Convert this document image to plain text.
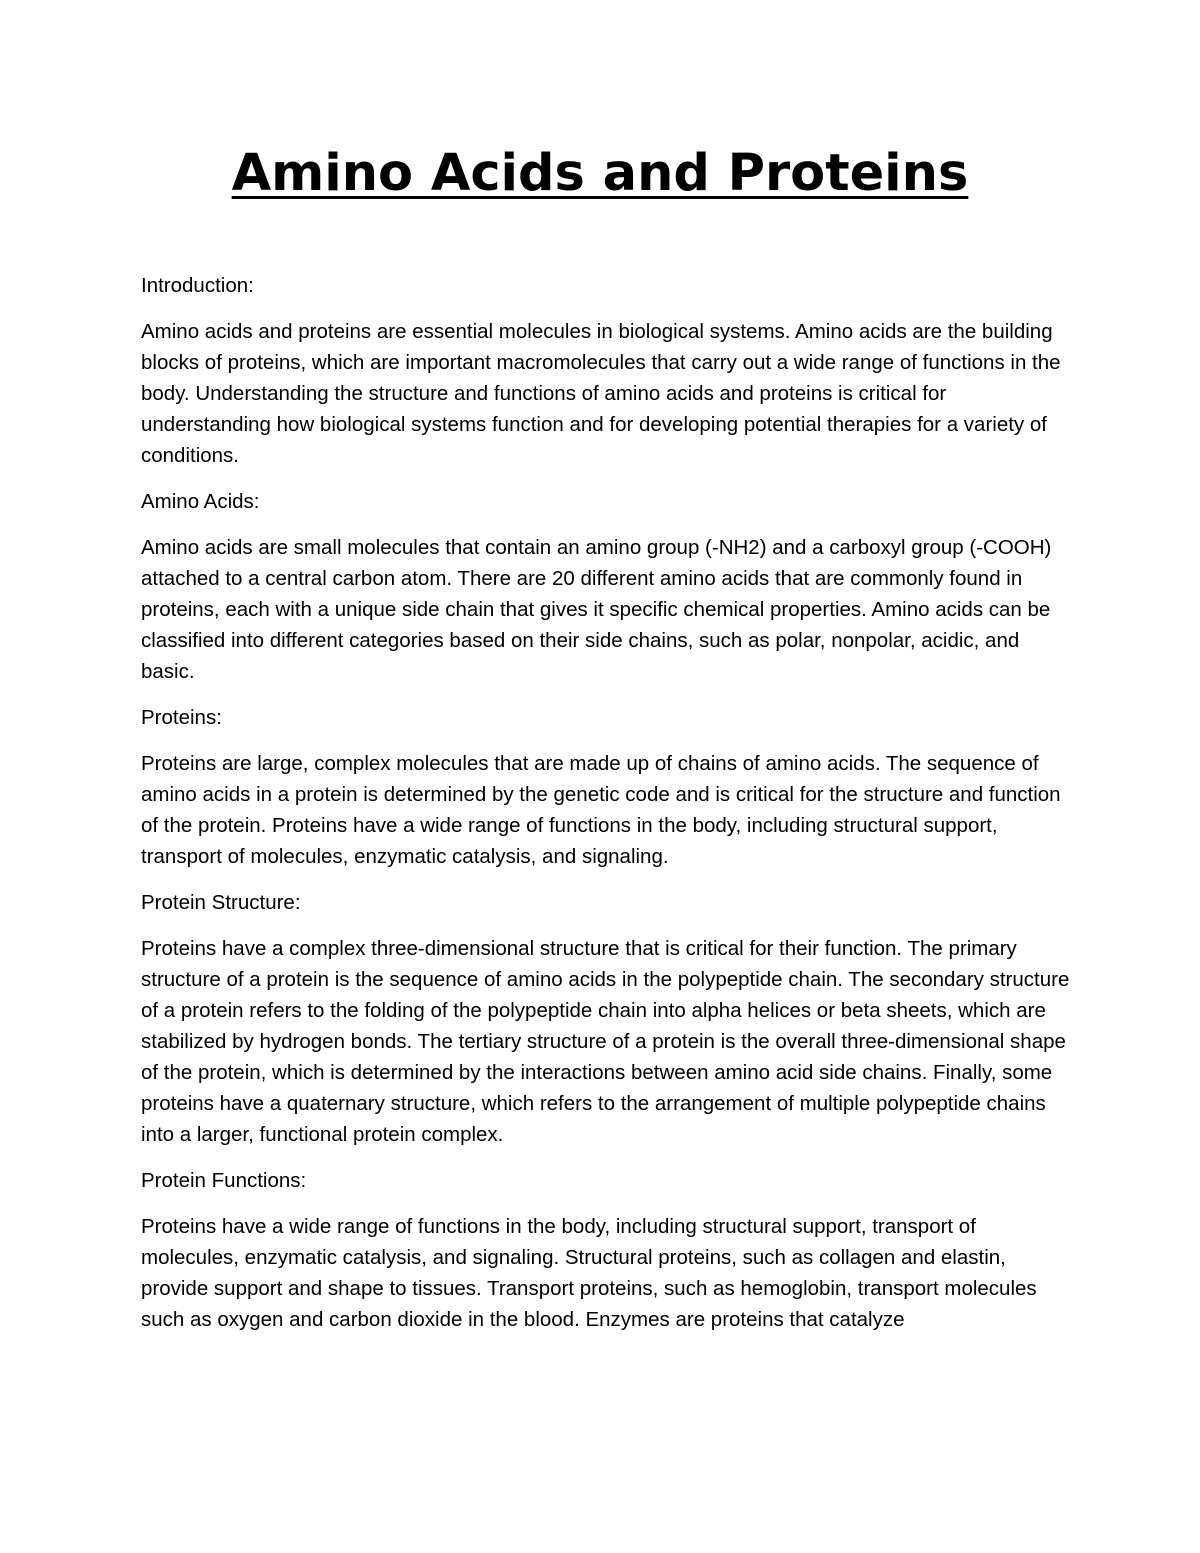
Amino Acids and Proteins

Introduction:

Amino acids and proteins are essential molecules in biological systems. Amino acids are the building blocks of proteins, which are important macromolecules that carry out a wide range of functions in the body. Understanding the structure and functions of amino acids and proteins is critical for understanding how biological systems function and for developing potential therapies for a variety of conditions.

Amino Acids:

Amino acids are small molecules that contain an amino group (-NH2) and a carboxyl group (-COOH) attached to a central carbon atom. There are 20 different amino acids that are commonly found in proteins, each with a unique side chain that gives it specific chemical properties. Amino acids can be classified into different categories based on their side chains, such as polar, nonpolar, acidic, and basic.

Proteins:

Proteins are large, complex molecules that are made up of chains of amino acids. The sequence of amino acids in a protein is determined by the genetic code and is critical for the structure and function of the protein. Proteins have a wide range of functions in the body, including structural support, transport of molecules, enzymatic catalysis, and signaling.

Protein Structure:

Proteins have a complex three-dimensional structure that is critical for their function. The primary structure of a protein is the sequence of amino acids in the polypeptide chain. The secondary structure of a protein refers to the folding of the polypeptide chain into alpha helices or beta sheets, which are stabilized by hydrogen bonds. The tertiary structure of a protein is the overall three-dimensional shape of the protein, which is determined by the interactions between amino acid side chains. Finally, some proteins have a quaternary structure, which refers to the arrangement of multiple polypeptide chains into a larger, functional protein complex.

Protein Functions:

Proteins have a wide range of functions in the body, including structural support, transport of molecules, enzymatic catalysis, and signaling. Structural proteins, such as collagen and elastin, provide support and shape to tissues. Transport proteins, such as hemoglobin, transport molecules such as oxygen and carbon dioxide in the blood. Enzymes are proteins that catalyze
